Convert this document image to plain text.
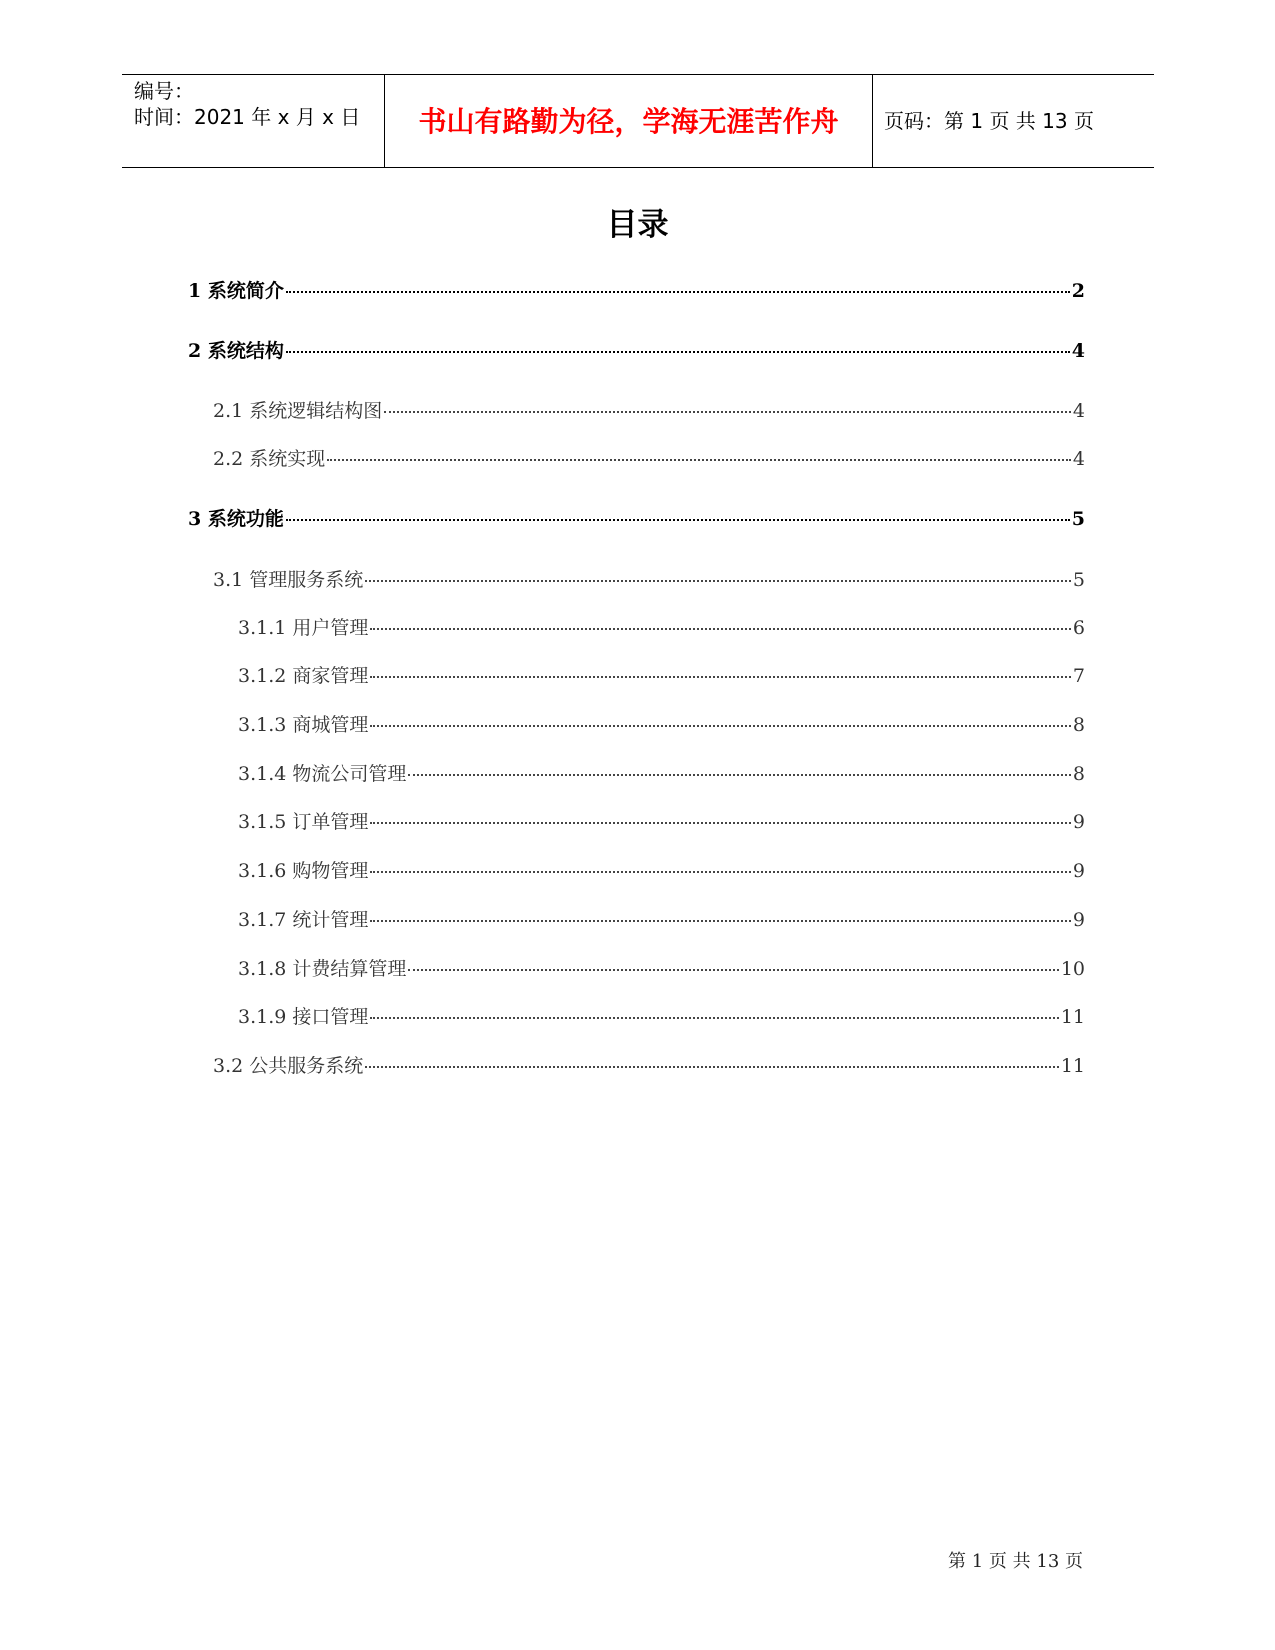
编号：
时间：2021 年 x 月 x 日	书山有路勤为径，学海无涯苦作舟	页码：第 1 页 共 13 页
目录
1 系统简介	2
2 系统结构	4
2.1 系统逻辑结构图	4
2.2 系统实现	4
3 系统功能	5
3.1 管理服务系统	5
3.1.1 用户管理	6
3.1.2 商家管理	7
3.1.3 商城管理	8
3.1.4 物流公司管理	8
3.1.5 订单管理	9
3.1.6 购物管理	9
3.1.7 统计管理	9
3.1.8 计费结算管理	10
3.1.9 接口管理	11
3.2 公共服务系统	11
第 1 页 共 13 页
